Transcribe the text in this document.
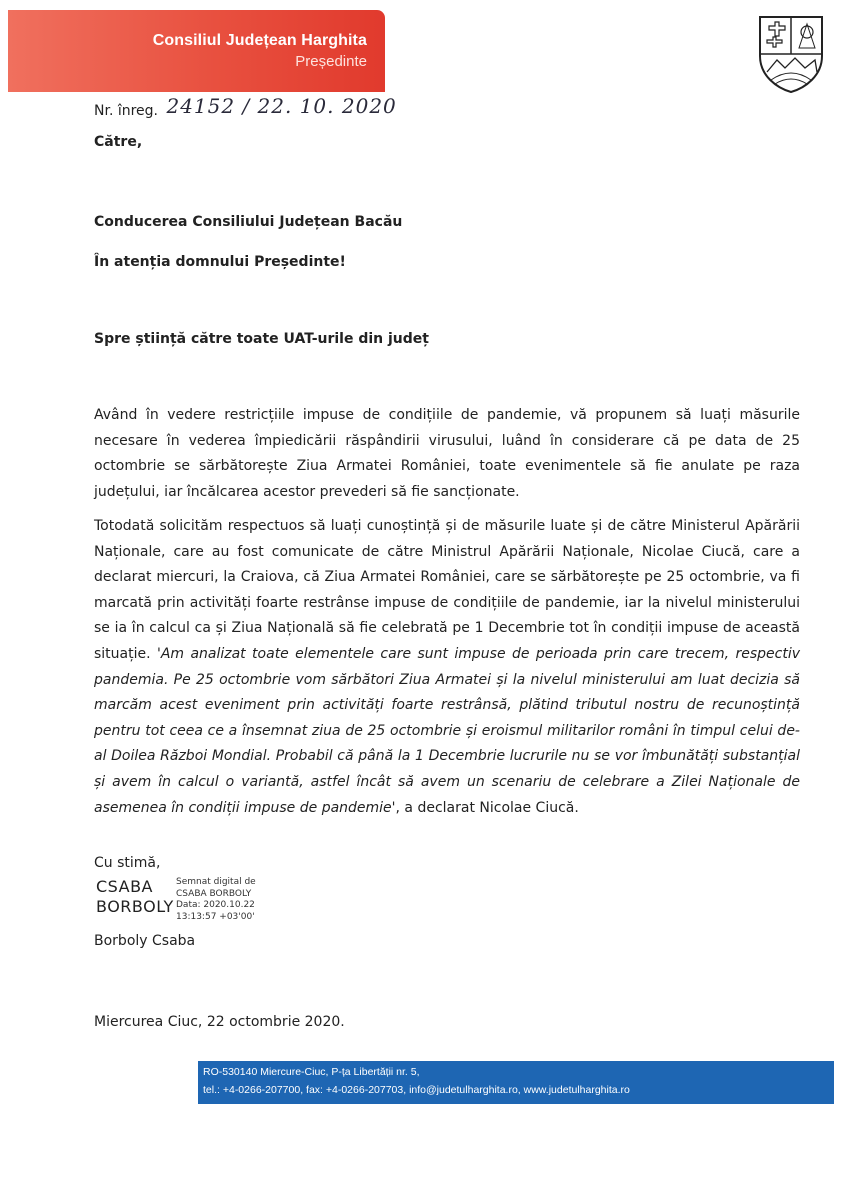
Consiliul Județean Harghita
Președinte
Nr. înreg. 24152 / 22. 10. 2020
Către,
Conducerea Consiliului Județean Bacău
În atenția domnului Președinte!
Spre știință către toate UAT-urile din județ
Având în vedere restricțiile impuse de condițiile de pandemie, vă propunem să luați măsurile necesare în vederea împiedicării răspândirii virusului, luând în considerare că pe data de 25 octombrie se sărbătorește Ziua Armatei României, toate evenimentele să fie anulate pe raza județului, iar încălcarea acestor prevederi să fie sancționate.
Totodată solicităm respectuos să luați cunoștință și de măsurile luate și de către Ministerul Apărării Naționale, care au fost comunicate de către Ministrul Apărării Naționale, Nicolae Ciucă, care a declarat miercuri, la Craiova, că Ziua Armatei României, care se sărbătorește pe 25 octombrie, va fi marcată prin activități foarte restrânse impuse de condițiile de pandemie, iar la nivelul ministerului se ia în calcul ca și Ziua Națională să fie celebrată pe 1 Decembrie tot în condiții impuse de această situație. 'Am analizat toate elementele care sunt impuse de perioada prin care trecem, respectiv pandemia. Pe 25 octombrie vom sărbători Ziua Armatei și la nivelul ministerului am luat decizia să marcăm acest eveniment prin activități foarte restrânsă, plătind tributul nostru de recunoștință pentru tot ceea ce a însemnat ziua de 25 octombrie și eroismul militarilor români în timpul celui de-al Doilea Război Mondial. Probabil că până la 1 Decembrie lucrurile nu se vor îmbunătăți substanțial și avem în calcul o variantă, astfel încât să avem un scenariu de celebrare a Zilei Naționale de asemenea în condiții impuse de pandemie', a declarat Nicolae Ciucă.
Cu stimă,
CSABA
BORBOLY
Semnat digital de
CSABA BORBOLY
Data: 2020.10.22
13:13:57 +03'00'
Borboly Csaba
Miercurea Ciuc, 22 octombrie 2020.
RO-530140 Miercure-Ciuc, P-ța Libertății nr. 5,
tel.: +4-0266-207700, fax: +4-0266-207703, info@judetulharghita.ro, www.judetulharghita.ro
